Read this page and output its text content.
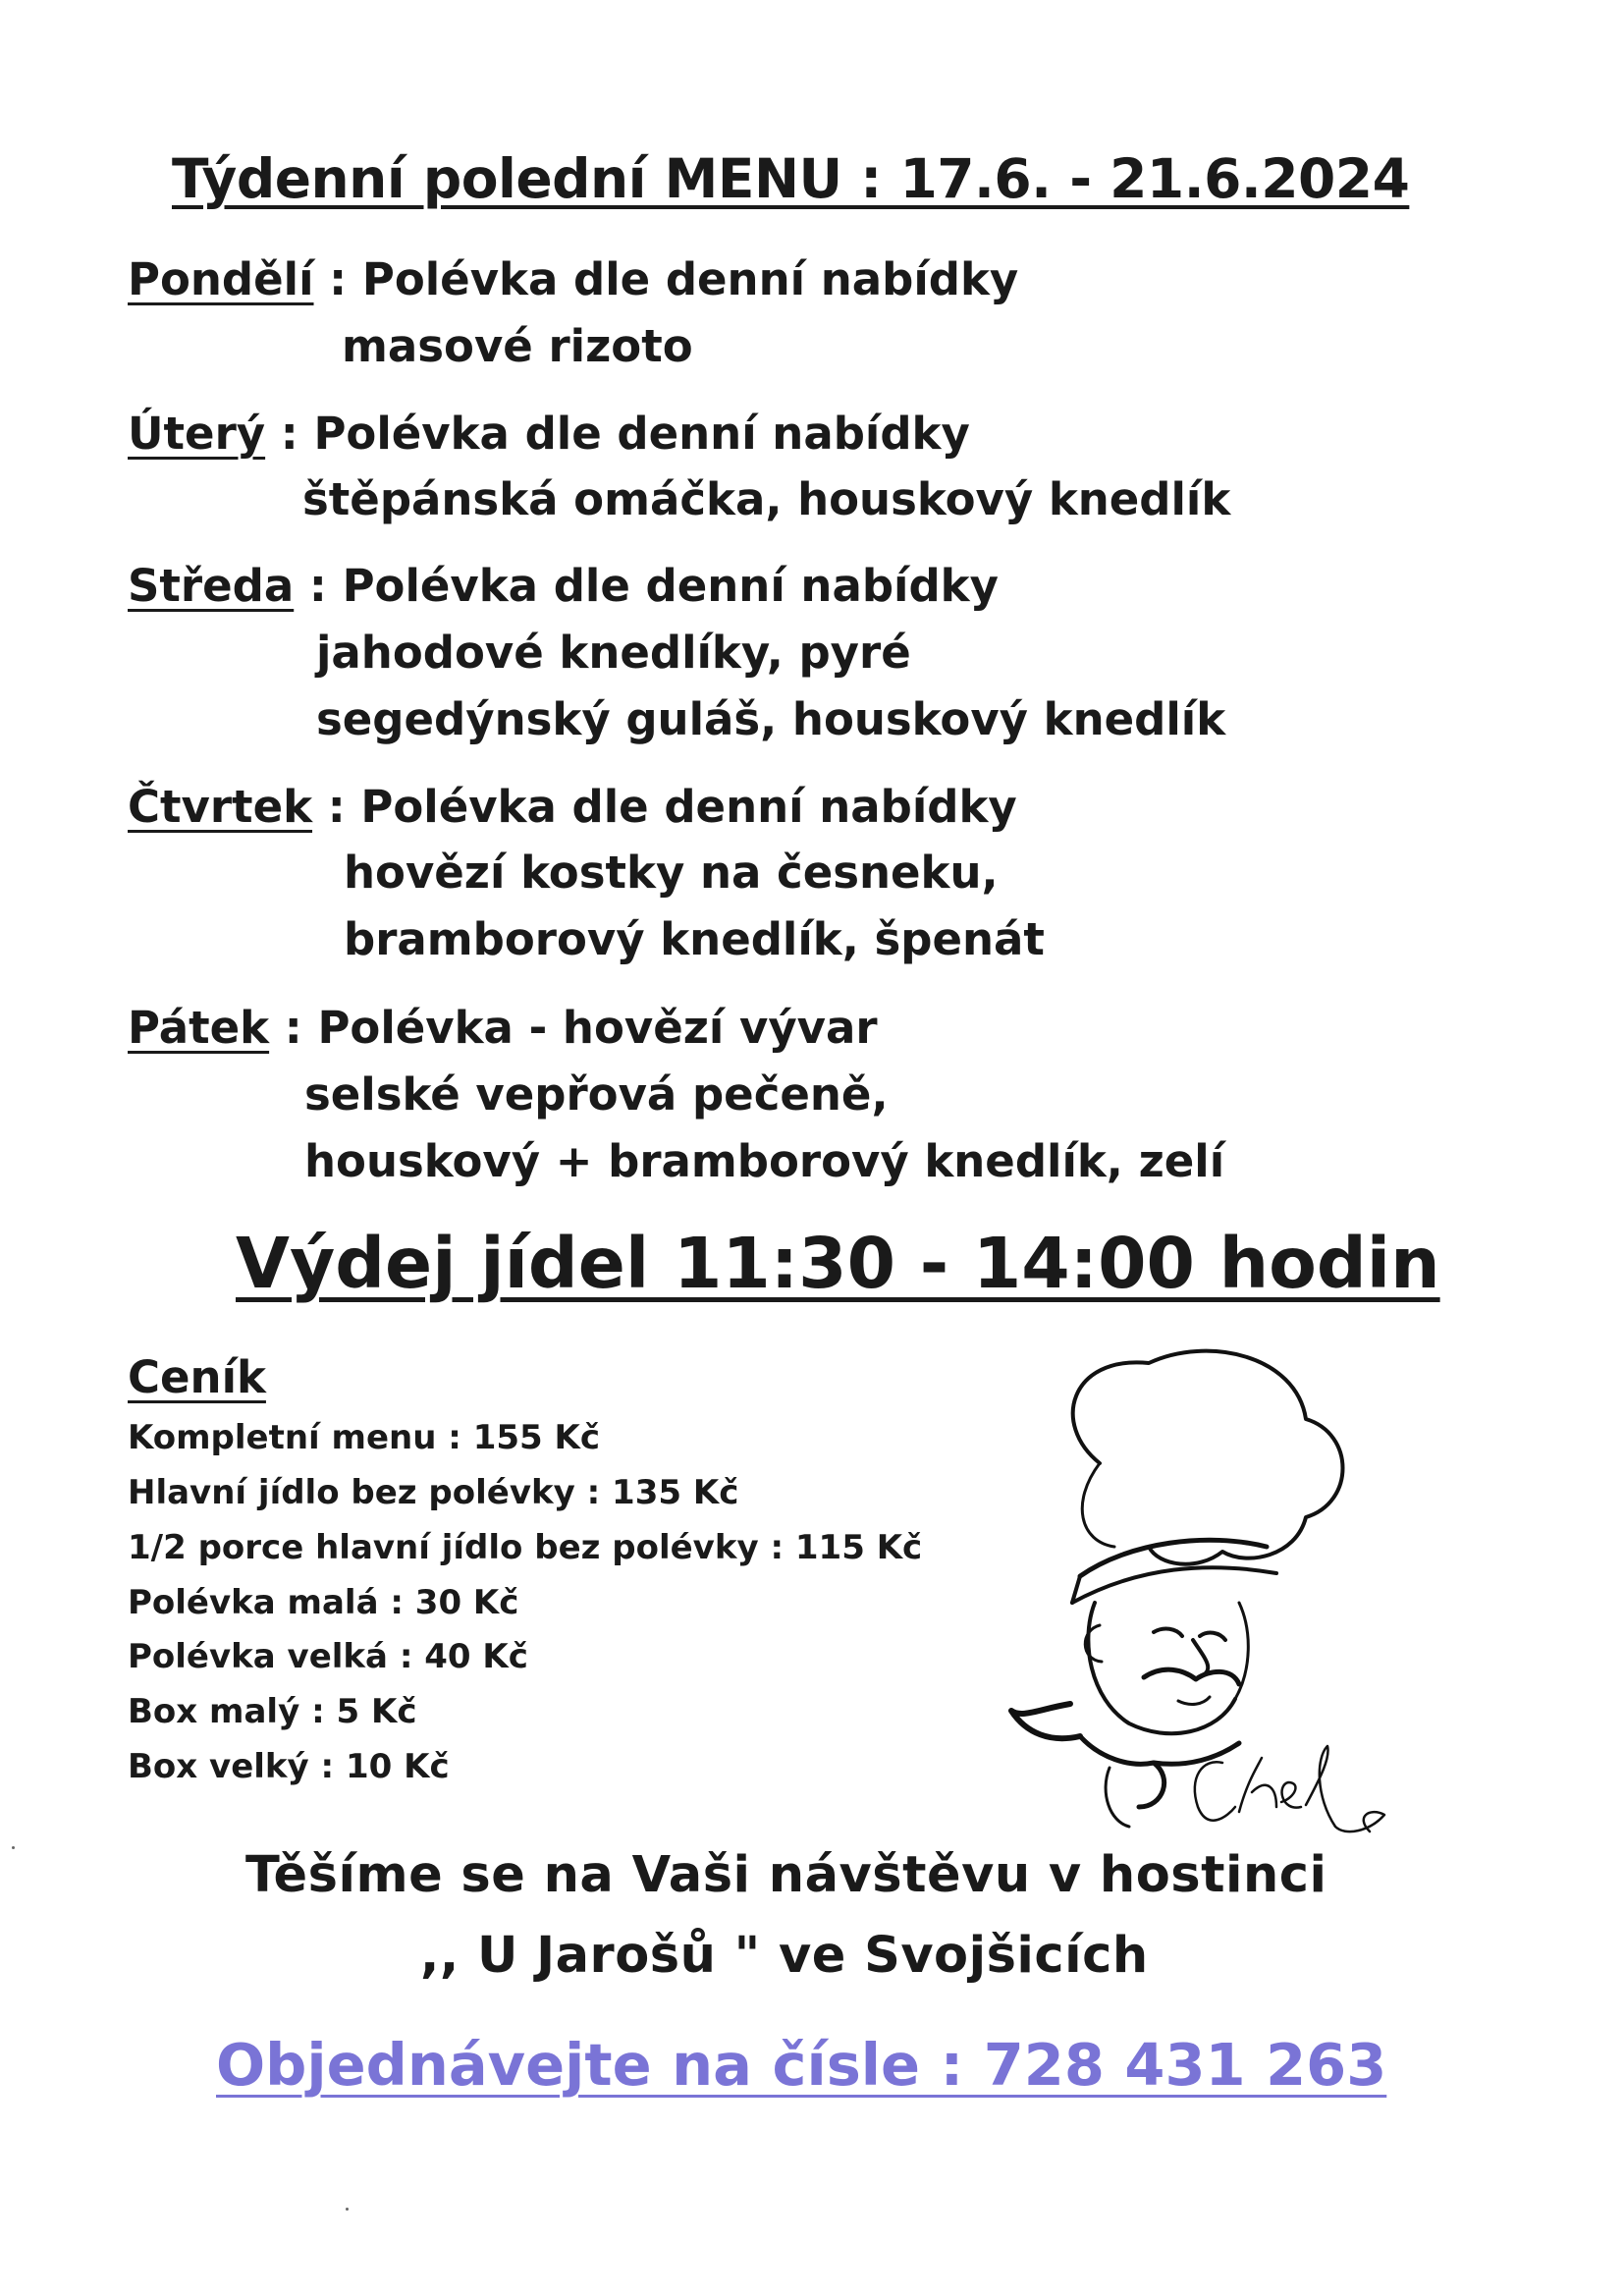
Týdenní polední MENU : 17.6. - 21.6.2024
Pondělí : Polévka dle denní nabídky
masové rizoto
Úterý : Polévka dle denní nabídky
štěpánská omáčka, houskový knedlík
Středa : Polévka dle denní nabídky
jahodové knedlíky, pyré
segedýnský guláš, houskový knedlík
Čtvrtek : Polévka dle denní nabídky
hovězí kostky na česneku,
bramborový knedlík, špenát
Pátek : Polévka - hovězí vývar
selské vepřová pečeně,
houskový + bramborový knedlík, zelí
Výdej jídel 11:30 - 14:00 hodin
Ceník
Kompletní menu : 155 Kč
Hlavní jídlo bez polévky : 135 Kč
1/2 porce hlavní jídlo bez polévky : 115 Kč
Polévka malá : 30 Kč
Polévka velká : 40 Kč
Box malý : 5 Kč
Box velký : 10 Kč
Těšíme se na Vaši návštěvu v hostinci
,, U Jarošů " ve Svojšicích
Objednávejte na čísle : 728 431 263
